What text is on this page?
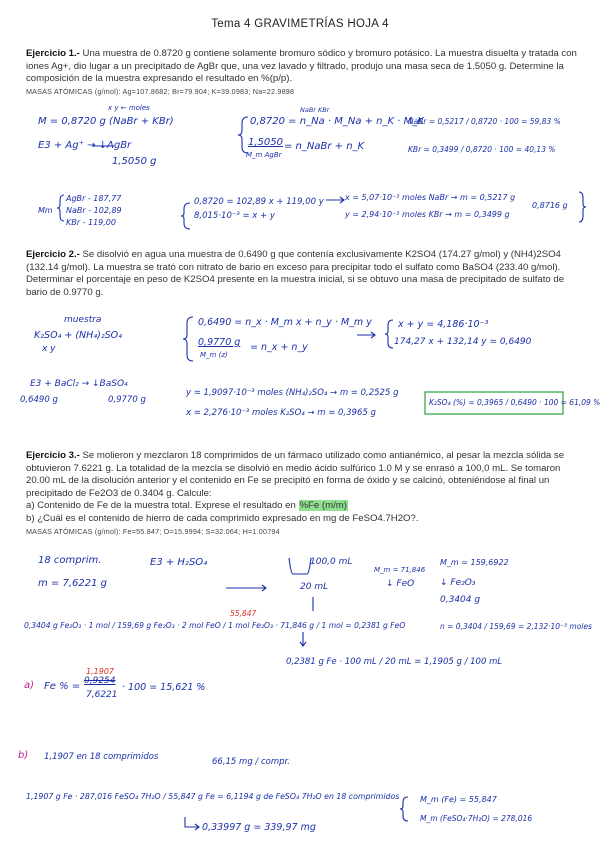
Tema 4 GRAVIMETRÍAS HOJA 4
Ejercicio 1.- Una muestra de 0.8720 g contiene solamente bromuro sódico y bromuro potásico. La muestra disuelta y tratada con iones Ag+, dio lugar a un precipitado de AgBr que, una vez lavado y filtrado, produjo una masa seca de 1.5050 g. Determine la composición de la muestra expresando el resultado en %(p/p).
MASAS ATÓMICAS (g/mol): Ag=107.8682; Br=79.904; K=39.0983; Na=22.9898
Ejercicio 2.- Se disolvió en agua una muestra de 0.6490 g que contenía exclusivamente K2SO4 (174.27 g/mol) y (NH4)2SO4 (132.14 g/mol). La muestra se trató con nitrato de bario en exceso para precipitar todo el sulfato como BaSO4 (233.40 g/mol). Determinar el porcentaje en peso de K2SO4 presente en la muestra inicial, si se obtuvo una masa de precipitado de sulfato de bario de 0.9770 g.
Ejercicio 3.- Se molieron y mezclaron 18 comprimidos de un fármaco utilizado como antianémico, al pesar la mezcla sólida se obtuvieron 7.6221 g. La totalidad de la mezcla se disolvió en medio ácido sulfúrico 1.0 M y se enrasó a 100,0 mL. Se tomaron 20.00 mL de la disolución anterior y el contenido en Fe se precipitó en forma de óxido y se calcinó, obteniéndose al final un precipitado de Fe2O3 de 0.3404 g. Calcule:
a) Contenido de Fe de la muestra total. Exprese el resultado en %Fe (m/m)
b) ¿Cuál es el contenido de hierro de cada comprimido expresado en mg de FeSO4.7H2O?.
MASAS ATÓMICAS (g/mol): Fe=55.847; O=15.9994; S=32.064; H=1.00794
x y ← moles
M = 0,8720 g (NaBr + KBr)	0,8720 = n_Na · M_Na + n_K · M_K
NaBr KBr
E3 + Ag⁺ → ↓AgBr
1,5050 g
1,5050
M_m AgBr
= n_NaBr + n_K
NaBr = 0,5217 / 0,8720 · 100 = 59,83 %
KBr = 0,3499 / 0,8720 · 100 = 40,13 %
Mm
AgBr - 187,77
NaBr - 102,89
KBr - 119,00
0,8720 = 102,89 x + 119,00 y
8,015·10⁻³ = x + y
x = 5,07·10⁻³ moles NaBr → m = 0,5217 g
y = 2,94·10⁻³ moles KBr → m = 0,3499 g
0,8716 g
muestra
K₂SO₄ + (NH₄)₂SO₄
x y
0,6490 = n_x · M_m x + n_y · M_m y
0,9770 g
M_m (z)
= n_x + n_y
x + y = 4,186·10⁻³
174,27 x + 132,14 y = 0,6490
E3 + BaCl₂ → ↓BaSO₄
0,6490 g	0,9770 g
y = 1,9097·10⁻³ moles (NH₄)₂SO₄ → m = 0,2525 g
x = 2,276·10⁻³ moles K₂SO₄ → m = 0,3965 g
K₂SO₄ (%) = 0,3965 / 0,6490 · 100 = 61,09 %
18 comprim.
m = 7,6221 g
E3 + H₂SO₄	100,0 mL
20 mL	↓ FeO
M_m = 71,846
↓ Fe₂O₃
0,3404 g
M_m = 159,6922
0,3404 g Fe₂O₃ · 1 mol / 159,69 g Fe₂O₃ · 2 mol FeO / 1 mol Fe₂O₃ · 71,846 g / 1 mol = 0,2381 g FeO
55,847
n = 0,3404 / 159,69 = 2,132·10⁻³ moles
0,2381 g Fe · 100 mL / 20 mL = 1,1905 g / 100 mL
a) Fe % =
1,1907
0,9254
7,6221
· 100 = 15,621 %
b) 1,1907 en 18 comprimidos	66,15 mg / compr.
1,1907 g Fe · 287,016 FeSO₄ 7H₂O / 55,847 g Fe = 6,1194 g de FeSO₄ 7H₂O en 18 comprimidos
0,33997 g = 339,97 mg
M_m (Fe) = 55,847
M_m (FeSO₄·7H₂O) = 278,016
